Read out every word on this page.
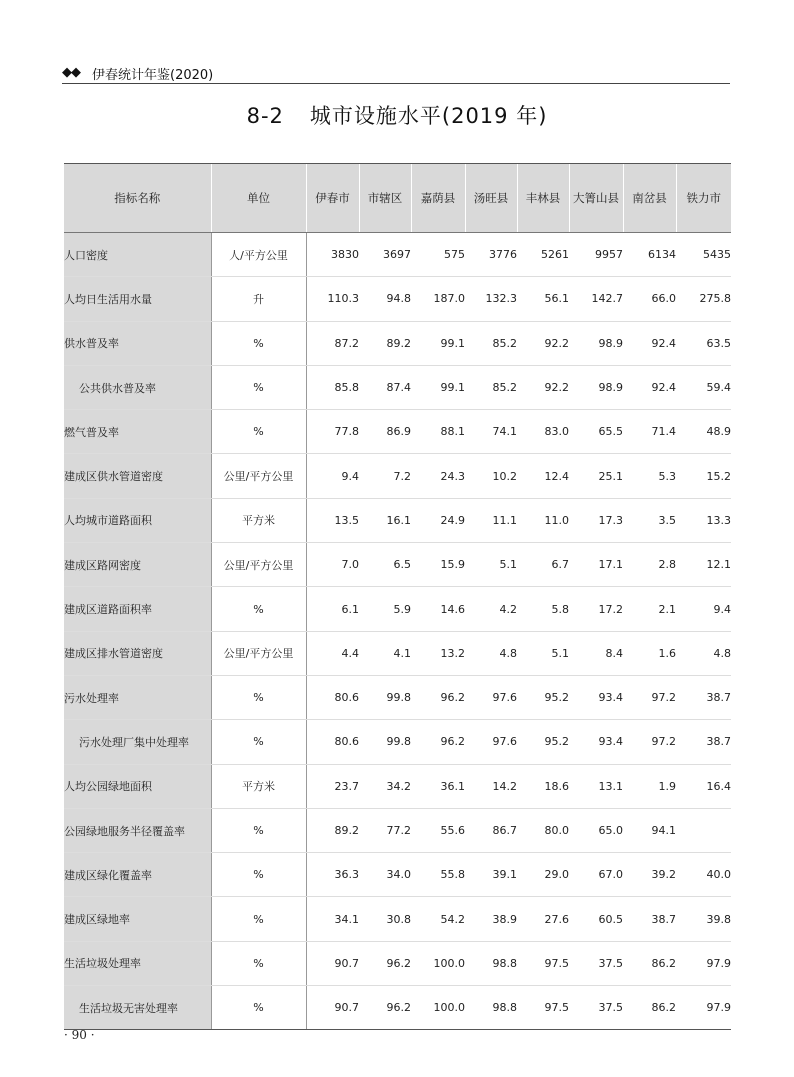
◆◆ 伊春统计年鉴(2020)
8-2 城市设施水平(2019 年)
指标名称	单位	伊春市	市辖区	嘉荫县	汤旺县	丰林县	大箐山县	南岔县	铁力市
人口密度	人/平方公里	3830	3697	575	3776	5261	9957	6134	5435
人均日生活用水量	升	110.3	94.8	187.0	132.3	56.1	142.7	66.0	275.8
供水普及率	%	87.2	89.2	99.1	85.2	92.2	98.9	92.4	63.5
公共供水普及率	%	85.8	87.4	99.1	85.2	92.2	98.9	92.4	59.4
燃气普及率	%	77.8	86.9	88.1	74.1	83.0	65.5	71.4	48.9
建成区供水管道密度	公里/平方公里	9.4	7.2	24.3	10.2	12.4	25.1	5.3	15.2
人均城市道路面积	平方米	13.5	16.1	24.9	11.1	11.0	17.3	3.5	13.3
建成区路网密度	公里/平方公里	7.0	6.5	15.9	5.1	6.7	17.1	2.8	12.1
建成区道路面积率	%	6.1	5.9	14.6	4.2	5.8	17.2	2.1	9.4
建成区排水管道密度	公里/平方公里	4.4	4.1	13.2	4.8	5.1	8.4	1.6	4.8
污水处理率	%	80.6	99.8	96.2	97.6	95.2	93.4	97.2	38.7
污水处理厂集中处理率	%	80.6	99.8	96.2	97.6	95.2	93.4	97.2	38.7
人均公园绿地面积	平方米	23.7	34.2	36.1	14.2	18.6	13.1	1.9	16.4
公园绿地服务半径覆盖率	%	89.2	77.2	55.6	86.7	80.0	65.0	94.1	
建成区绿化覆盖率	%	36.3	34.0	55.8	39.1	29.0	67.0	39.2	40.0
建成区绿地率	%	34.1	30.8	54.2	38.9	27.6	60.5	38.7	39.8
生活垃圾处理率	%	90.7	96.2	100.0	98.8	97.5	37.5	86.2	97.9
生活垃圾无害处理率	%	90.7	96.2	100.0	98.8	97.5	37.5	86.2	97.9
· 90 ·
